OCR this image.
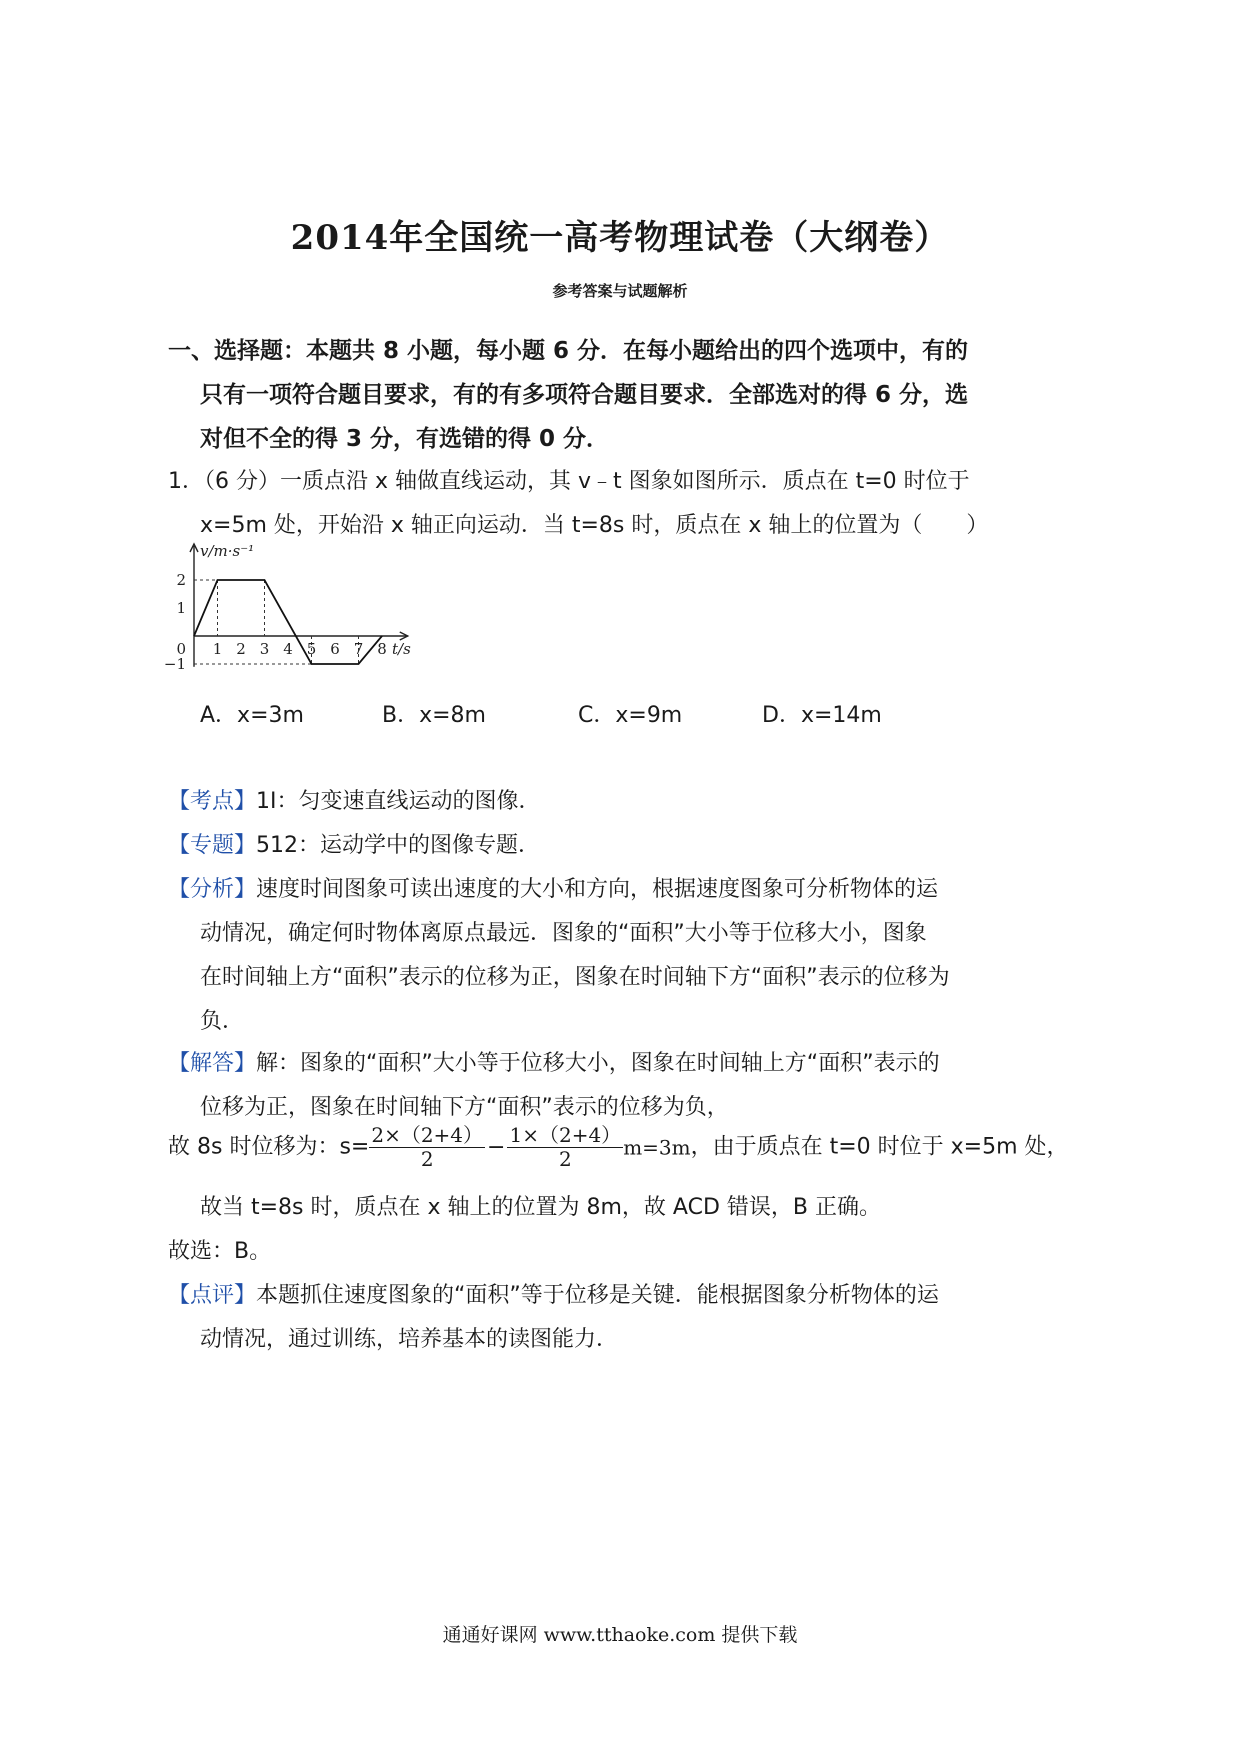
2014年全国统一高考物理试卷（大纲卷）
参考答案与试题解析
一、选择题：本题共 8 小题，每小题 6 分．在每小题给出的四个选项中，有的
只有一项符合题目要求，有的有多项符合题目要求．全部选对的得 6 分，选
对但不全的得 3 分，有选错的得 0 分．
1．（6 分）一质点沿 x 轴做直线运动，其 v﹣t 图象如图所示．质点在 t=0 时位于
x=5m 处，开始沿 x 轴正向运动．当 t=8s 时，质点在 x 轴上的位置为（　　）
1 2 3 4 5 6 7 8
2
1
0
−1
v/m·s⁻¹
t/s
A．x=3m	B．x=8m	C．x=9m	D．x=14m
【考点】1I：匀变速直线运动的图像．
【专题】512：运动学中的图像专题．
【分析】速度时间图象可读出速度的大小和方向，根据速度图象可分析物体的运
动情况，确定何时物体离原点最远．图象的“面积”大小等于位移大小，图象
在时间轴上方“面积”表示的位移为正，图象在时间轴下方“面积”表示的位移为
负．
【解答】解：图象的“面积”大小等于位移大小，图象在时间轴上方“面积”表示的
位移为正，图象在时间轴下方“面积”表示的位移为负，
故 8s 时位移为：$s= \frac{2\times(2+4)}{2} - \frac{1\times(2+4)}{2} m=3m$，由于质点在 t=0 时位于 x=5m 处，
故当 t=8s 时，质点在 x 轴上的位置为 8m，故 ACD 错误，B 正确。
故选：B。
【点评】本题抓住速度图象的“面积”等于位移是关键．能根据图象分析物体的运
动情况，通过训练，培养基本的读图能力．
通通好课网 www.tthaoke.com 提供下载
